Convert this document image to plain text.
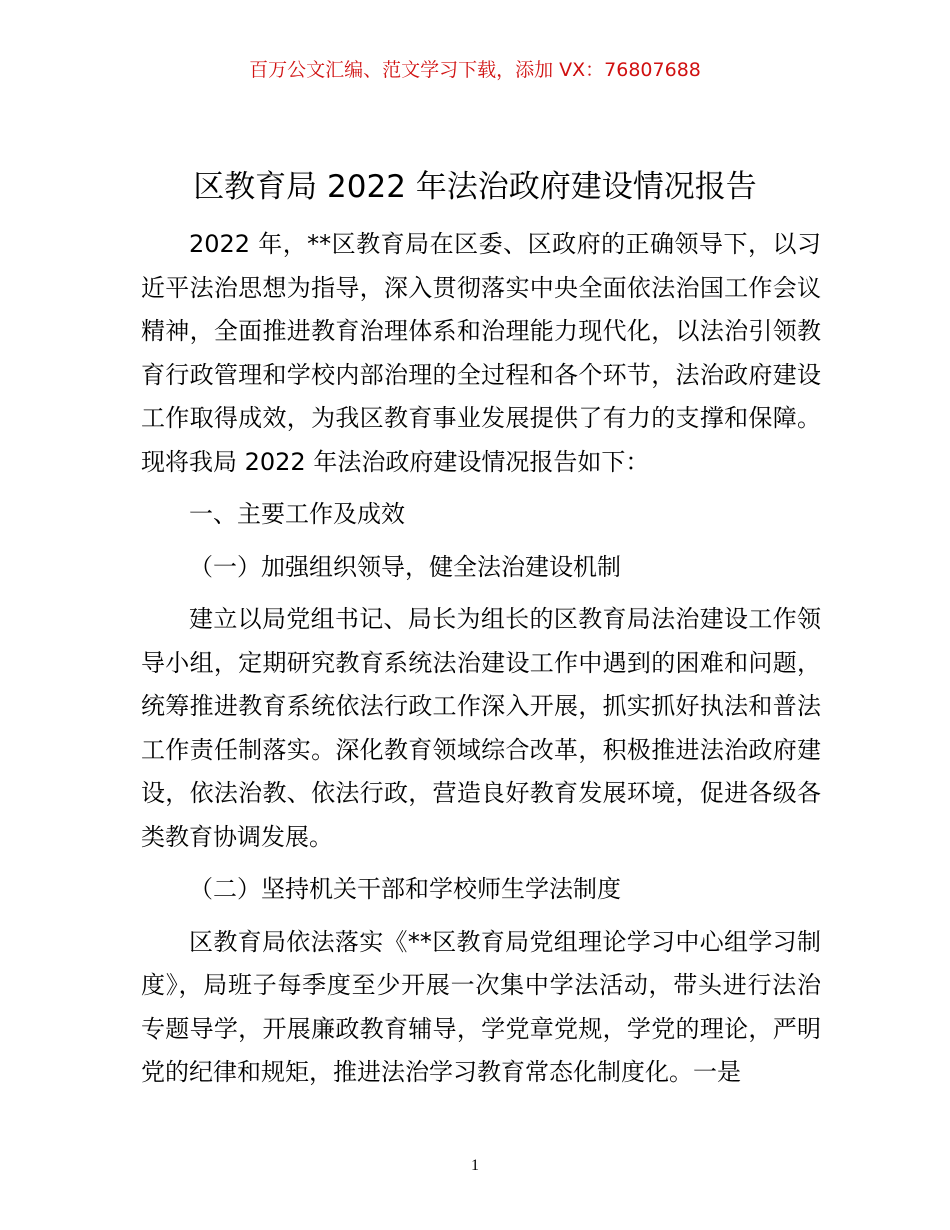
百万公文汇编、范文学习下载，添加 VX：76807688
区教育局 2022 年法治政府建设情况报告

2022 年，**区教育局在区委、区政府的正确领导下，以习近平法治思想为指导，深入贯彻落实中央全面依法治国工作会议精神，全面推进教育治理体系和治理能力现代化，以法治引领教育行政管理和学校内部治理的全过程和各个环节，法治政府建设工作取得成效，为我区教育事业发展提供了有力的支撑和保障。现将我局 2022 年法治政府建设情况报告如下：

一、主要工作及成效

（一）加强组织领导，健全法治建设机制

建立以局党组书记、局长为组长的区教育局法治建设工作领导小组，定期研究教育系统法治建设工作中遇到的困难和问题，统筹推进教育系统依法行政工作深入开展，抓实抓好执法和普法工作责任制落实。深化教育领域综合改革，积极推进法治政府建设，依法治教、依法行政，营造良好教育发展环境，促进各级各类教育协调发展。

（二）坚持机关干部和学校师生学法制度

区教育局依法落实《**区教育局党组理论学习中心组学习制度》，局班子每季度至少开展一次集中学法活动，带头进行法治专题导学，开展廉政教育辅导，学党章党规，学党的理论，严明党的纪律和规矩，推进法治学习教育常态化制度化。一是

1
